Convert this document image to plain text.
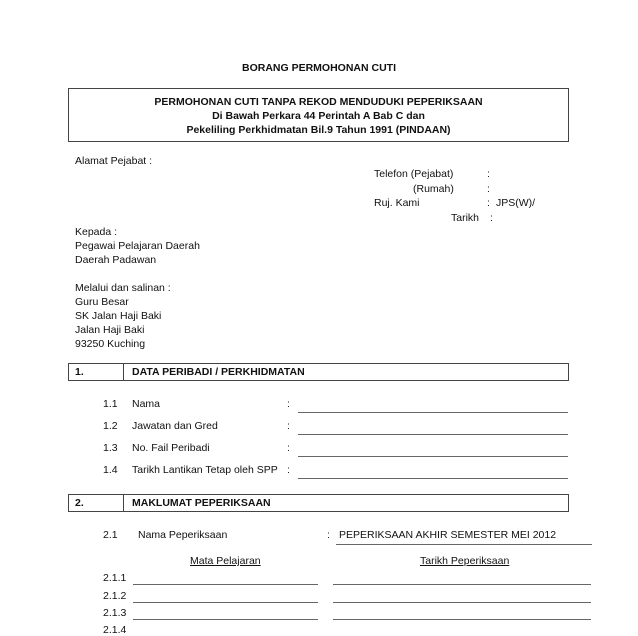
BORANG PERMOHONAN CUTI
PERMOHONAN CUTI TANPA REKOD MENDUDUKI PEPERIKSAAN
Di Bawah Perkara 44 Perintah A Bab C dan
Pekeliling Perkhidmatan Bil.9 Tahun 1991 (PINDAAN)
Alamat Pejabat :
Telefon (Pejabat)	:
(Rumah)	:
Ruj. Kami	: JPS(W)/
Tarikh :
Kepada :
Pegawai Pelajaran Daerah
Daerah Padawan
Melalui dan salinan :
Guru Besar
SK Jalan Haji Baki
Jalan Haji Baki
93250 Kuching
1.	DATA PERIBADI / PERKHIDMATAN
1.1 Nama	:
1.2 Jawatan dan Gred	:
1.3 No. Fail Peribadi	:
1.4 Tarikh Lantikan Tetap oleh SPP :
2.	MAKLUMAT PEPERIKSAAN
2.1 Nama Peperiksaan	: PEPERIKSAAN AKHIR SEMESTER MEI 2012
Mata Pelajaran	Tarikh Peperiksaan
2.1.1
2.1.2
2.1.3
2.1.4
